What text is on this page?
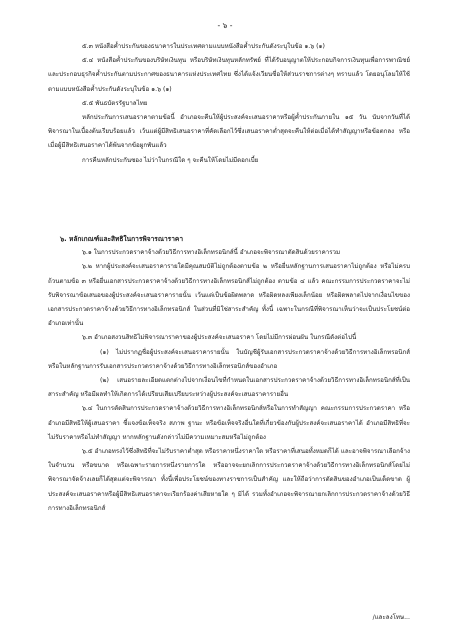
- ๖ -

๕.๓ หนังสือค้ำประกันของธนาคารในประเทศตามแบบหนังสือค้ำประกันดังระบุในข้อ ๑.๖ (๑)

๕.๔ หนังสือค้ำประกันของบริษัทเงินทุน หรือบริษัทเงินทุนหลักทรัพย์ ที่ได้รับอนุญาตให้ประกอบกิจการเงินทุนเพื่อการพาณิชย์และประกอบธุรกิจค้ำประกันตามประกาศของธนาคารแห่งประเทศไทย ซึ่งได้แจ้งเวียนชื่อให้ส่วนราชการต่างๆ ทราบแล้ว โดยอนุโลมให้ใช้ตามแบบหนังสือค้ำประกันดังระบุในข้อ ๑.๖ (๑)

๕.๕ พันธบัตรรัฐบาลไทย

หลักประกันการเสนอราคาตามข้อนี้ อำเภอจะคืนให้ผู้ประสงค์จะเสนอราคาหรือผู้ค้ำประกันภายใน ๑๕ วัน นับจากวันที่ได้พิจารณาในเบื้องต้นเรียบร้อยแล้ว เว้นแต่ผู้มีสิทธิเสนอราคาที่คัดเลือกไว้ซึ่งเสนอราคาต่ำสุดจะคืนให้ต่อเมื่อได้ทำสัญญาหรือข้อตกลง หรือเมื่อผู้มีสิทธิเสนอราคาได้พ้นจากข้อผูกพันแล้ว

การคืนหลักประกันซอง ไม่ว่าในกรณีใด ๆ จะคืนให้โดยไม่มีดอกเบี้ย

๖. หลักเกณฑ์และสิทธิในการพิจารณาราคา

๖.๑ ในการประกวดราคาจ้างด้วยวิธีการทางอิเล็กทรอนิกส์นี้ อำเภอจะพิจารณาตัดสินด้วยราคารวม

๖.๒ หากผู้ประสงค์จะเสนอราคารายใดมีคุณสมบัติไม่ถูกต้องตามข้อ ๒ หรือยื่นหลักฐานการเสนอราคาไม่ถูกต้อง หรือไม่ครบถ้วนตามข้อ ๓ หรือยื่นเอกสารประกวดราคาจ้างด้วยวิธีการทางอิเล็กทรอนิกส์ไม่ถูกต้อง ตามข้อ ๔ แล้ว คณะกรรมการประกวดราคาจะไม่รับพิจารณาข้อเสนอของผู้ประสงค์จะเสนอราคารายนั้น เว้นแต่เป็นข้อผิดพลาด หรือผิดหลงเพียงเล็กน้อย หรือผิดพลาดไปจากเงื่อนไขของเอกสารประกวดราคาจ้างด้วยวิธีการทางอิเล็กทรอนิกส์ ในส่วนที่มิใช่สาระสำคัญ ทั้งนี้ เฉพาะในกรณีที่พิจารณาเห็นว่าจะเป็นประโยชน์ต่ออำเภอเท่านั้น

๖.๓ อำเภอสงวนสิทธิไม่พิจารณาราคาของผู้ประสงค์จะเสนอราคา โดยไม่มีการผ่อนผัน ในกรณีดังต่อไปนี้

(๑) ไม่ปรากฏชื่อผู้ประสงค์จะเสนอราคารายนั้น ในบัญชีผู้รับเอกสารประกวดราคาจ้างด้วยวิธีการทางอิเล็กทรอนิกส์ หรือในหลักฐานการรับเอกสารประกวดราคาจ้างด้วยวิธีการทางอิเล็กทรอนิกส์ของอำเภอ

(๒) เสนอรายละเอียดแตกต่างไปจากเงื่อนไขที่กำหนดในเอกสารประกวดราคาจ้างด้วยวิธีการทางอิเล็กทรอนิกส์ที่เป็นสาระสำคัญ หรือมีผลทำให้เกิดการได้เปรียบเสียเปรียบระหว่างผู้ประสงค์จะเสนอราคารายอื่น

๖.๔ ในการตัดสินการประกวดราคาจ้างด้วยวิธีการทางอิเล็กทรอนิกส์หรือในการทำสัญญา คณะกรรมการประกวดราคา หรืออำเภอมีสิทธิให้ผู้เสนอราคา ชี้แจงข้อเท็จจริง สภาพ ฐานะ หรือข้อเท็จจริงอื่นใดที่เกี่ยวข้องกับผู้ประสงค์จะเสนอราคาได้ อำเภอมีสิทธิที่จะไม่รับราคาหรือไม่ทำสัญญา หากหลักฐานดังกล่าวไม่มีความเหมาะสมหรือไม่ถูกต้อง

๖.๕ อำเภอทรงไว้ซึ่งสิทธิที่จะไม่รับราคาต่ำสุด หรือราคาหนึ่งราคาใด หรือราคาที่เสนอทั้งหมดก็ได้ และอาจพิจารณาเลือกจ้างในจำนวน หรือขนาด หรือเฉพาะรายการหนึ่งรายการใด หรืออาจจะยกเลิกการประกวดราคาจ้างด้วยวิธีการทางอิเล็กทรอนิกส์โดยไม่พิจารณาจัดจ้างเลยก็ได้สุดแต่จะพิจารณา ทั้งนี้เพื่อประโยชน์ของทางราชการเป็นสำคัญ และให้ถือว่าการตัดสินของอำเภอเป็นเด็ดขาด ผู้ประสงค์จะเสนอราคาหรือผู้มีสิทธิเสนอราคาจะเรียกร้องค่าเสียหายใด ๆ มิได้ รวมทั้งอำเภอจะพิจารณายกเลิกการประกวดราคาจ้างด้วยวิธีการทางอิเล็กทรอนิกส์

/และลงโทษ...
